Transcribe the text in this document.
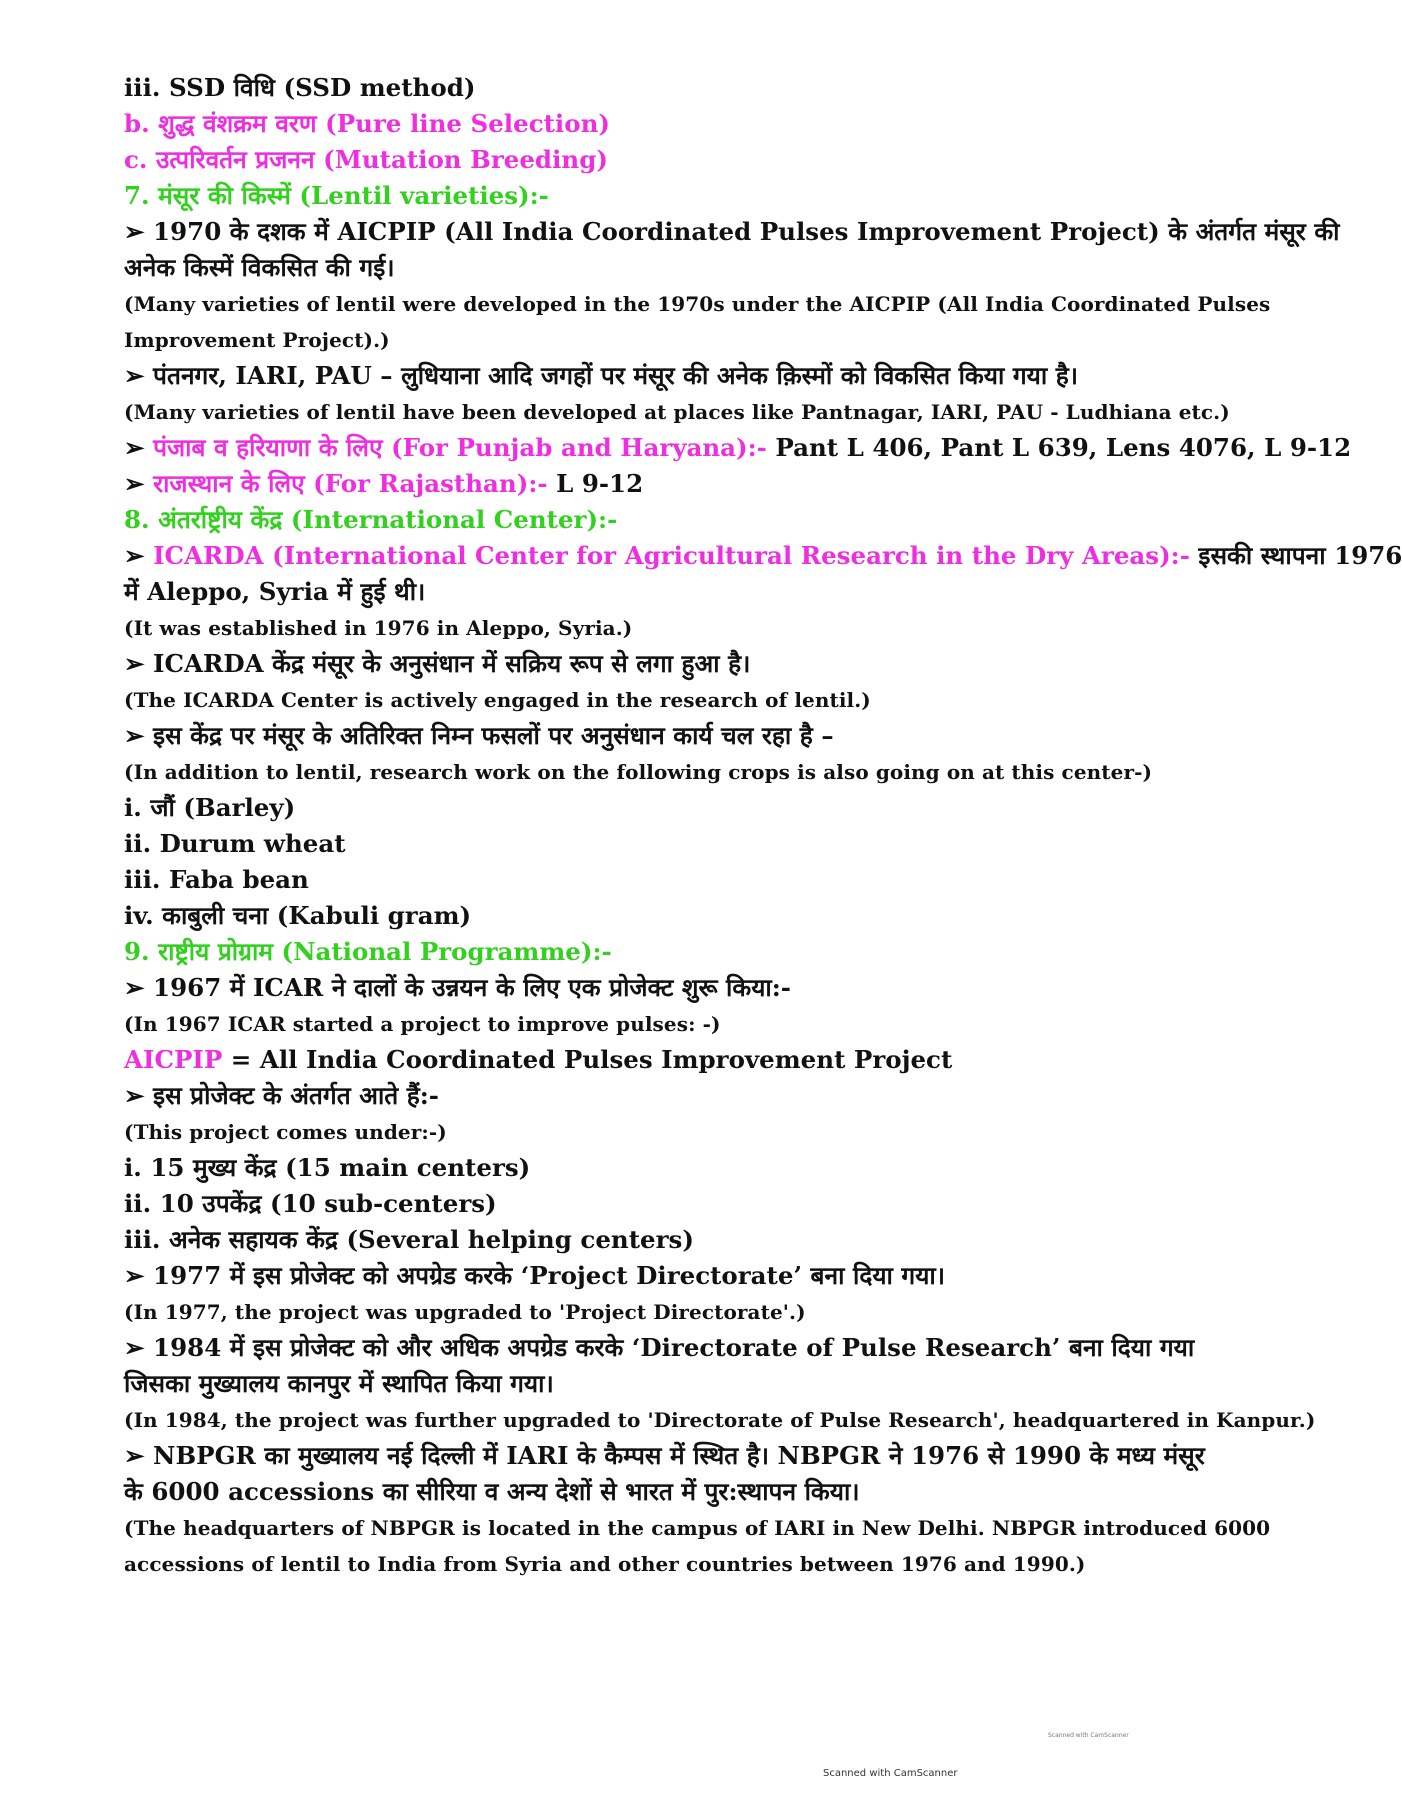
iii. SSD विधि (SSD method)

b. शुद्ध वंशक्रम वरण (Pure line Selection)

c. उत्परिवर्तन प्रजनन (Mutation Breeding)

7. मंसूर की किस्में (Lentil varieties):-

➢ 1970 के दशक में AICPIP (All India Coordinated Pulses Improvement Project) के अंतर्गत मंसूर की

अनेक किस्में विकसित की गई।

(Many varieties of lentil were developed in the 1970s under the AICPIP (All India Coordinated Pulses

Improvement Project).)

➢ पंतनगर, IARI, PAU – लुधियाना आदि जगहों पर मंसूर की अनेक क़िस्मों को विकसित किया गया है।

(Many varieties of lentil have been developed at places like Pantnagar, IARI, PAU - Ludhiana etc.)

➢ पंजाब व हरियाणा के लिए (For Punjab and Haryana):- Pant L 406, Pant L 639, Lens 4076, L 9-12

➢ राजस्थान के लिए (For Rajasthan):- L 9-12

8. अंतर्राष्ट्रीय केंद्र (International Center):-

➢ ICARDA (International Center for Agricultural Research in the Dry Areas):- इसकी स्थापना 1976

में Aleppo, Syria में हुई थी।

(It was established in 1976 in Aleppo, Syria.)

➢ ICARDA केंद्र मंसूर के अनुसंधान में सक्रिय रूप से लगा हुआ है।

(The ICARDA Center is actively engaged in the research of lentil.)

➢ इस केंद्र पर मंसूर के अतिरिक्त निम्न फसलों पर अनुसंधान कार्य चल रहा है –

(In addition to lentil, research work on the following crops is also going on at this center-)

i. जौं (Barley)

ii. Durum wheat

iii. Faba bean

iv. काबुली चना (Kabuli gram)

9. राष्ट्रीय प्रोग्राम (National Programme):-

➢ 1967 में ICAR ने दालों के उन्नयन के लिए एक प्रोजेक्ट शुरू किया:-

(In 1967 ICAR started a project to improve pulses: -)

AICPIP = All India Coordinated Pulses Improvement Project

➢ इस प्रोजेक्ट के अंतर्गत आते हैं:-

(This project comes under:-)

i. 15 मुख्य केंद्र (15 main centers)

ii. 10 उपकेंद्र (10 sub-centers)

iii. अनेक सहायक केंद्र (Several helping centers)

➢ 1977 में इस प्रोजेक्ट को अपग्रेड करके ‘Project Directorate’ बना दिया गया।

(In 1977, the project was upgraded to 'Project Directorate'.)

➢ 1984 में इस प्रोजेक्ट को और अधिक अपग्रेड करके ‘Directorate of Pulse Research’ बना दिया गया

जिसका मुख्यालय कानपुर में स्थापित किया गया।

(In 1984, the project was further upgraded to 'Directorate of Pulse Research', headquartered in Kanpur.)

➢ NBPGR का मुख्यालय नई दिल्ली में IARI के कैम्पस में स्थित है। NBPGR ने 1976 से 1990 के मध्य मंसूर

के 6000 accessions का सीरिया व अन्य देशों से भारत में पुर:स्थापन किया।

(The headquarters of NBPGR is located in the campus of IARI in New Delhi. NBPGR introduced 6000

accessions of lentil to India from Syria and other countries between 1976 and 1990.)

Scanned with CamScanner
Scanned with CamScanner
